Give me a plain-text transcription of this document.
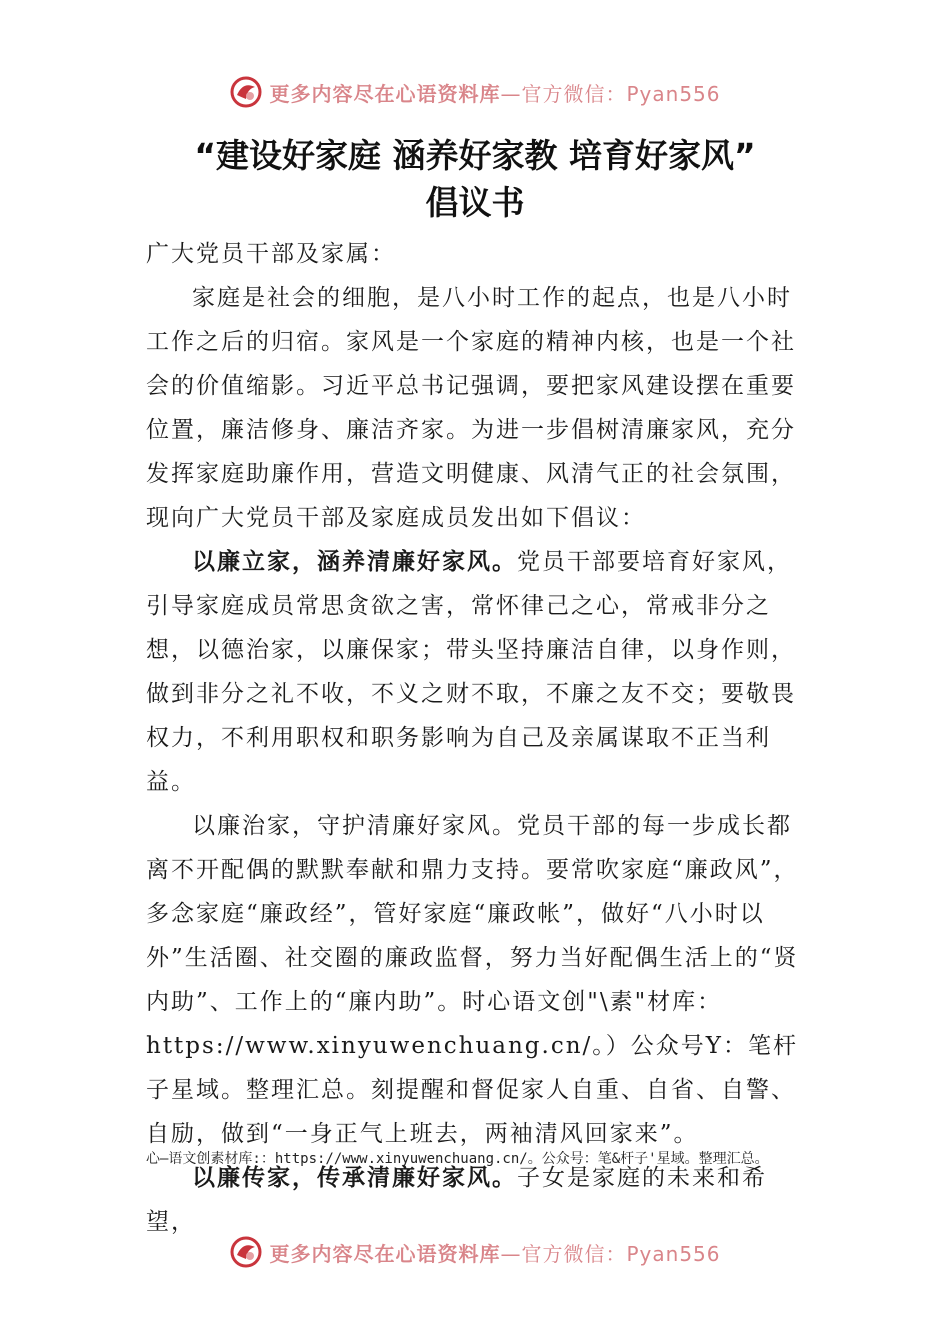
更多内容尽在心语资料库—官方微信：Pyan556
“建设好家庭 涵养好家教 培育好家风”
倡议书

广大党员干部及家属：

家庭是社会的细胞，是八小时工作的起点，也是八小时工作之后的归宿。家风是一个家庭的精神内核，也是一个社会的价值缩影。习近平总书记强调，要把家风建设摆在重要位置，廉洁修身、廉洁齐家。为进一步倡树清廉家风，充分发挥家庭助廉作用，营造文明健康、风清气正的社会氛围， 现向广大党员干部及家庭成员发出如下倡议：

以廉立家，涵养清廉好家风。党员干部要培育好家风，引导家庭成员常思贪欲之害，常怀律己之心，常戒非分之想，以德治家，以廉保家；带头坚持廉洁自律，以身作则，做到非分之礼不收，不义之财不取，不廉之友不交；要敬畏权力，不利用职权和职务影响为自己及亲属谋取不正当利益。

以廉治家，守护清廉好家风。党员干部的每一步成长都离不开配偶的默默奉献和鼎力支持。要常吹家庭“廉政风”， 多念家庭“廉政经”，管好家庭“廉政帐”，做好“八小时以外”生活圈、社交圈的廉政监督，努力当好配偶生活上的“贤内助”、工作上的“廉内助”。时心语文创"\素"材库：https://www.xinyuwenchuang.cn/。）公众号Y：笔杆子星域。整理汇总。刻提醒和督促家人自重、自省、自警、自励，做到“一身正气上班去，两袖清风回家来”。

以廉传家，传承清廉好家风。子女是家庭的未来和希望，

心—语文创素材库:：https://www.xinyuwenchuang.cn/。公众号：笔&杆子'星域。整理汇总。
更多内容尽在心语资料库—官方微信：Pyan556
